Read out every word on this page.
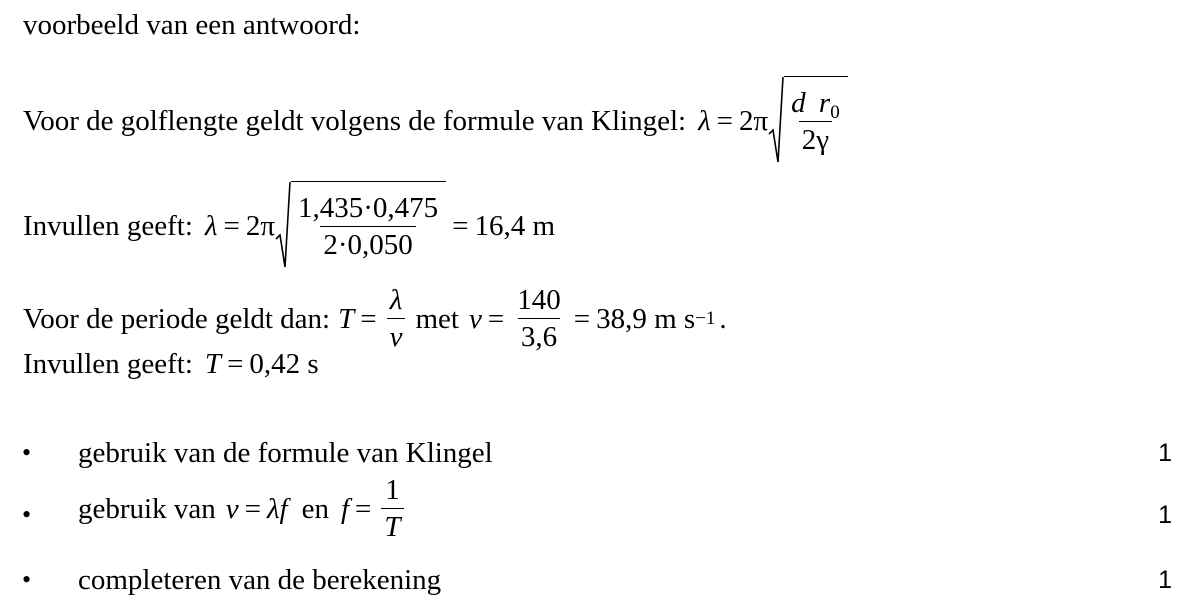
voorbeeld van een antwoord:
Voor de golflengte geldt volgens de formule van Klingel: $\lambda = 2\pi \frac{d r_0}{2\gamma}$
Invullen geeft: $\lambda = 2\pi \frac{1,435\cdot 0,475}{2\cdot 0,050} = 16,4$ m
Voor de periode geldt dan: $T = \frac{\lambda}{v}$ met $v = \frac{140}{3,6} = 38,9$ m s −1 .
Invullen geeft: T = 0,42 s
• gebruik van de formule van Klingel	1
• gebruik van v = λf en $f = \frac{1}{T}$	1
• completeren van de berekening	1
